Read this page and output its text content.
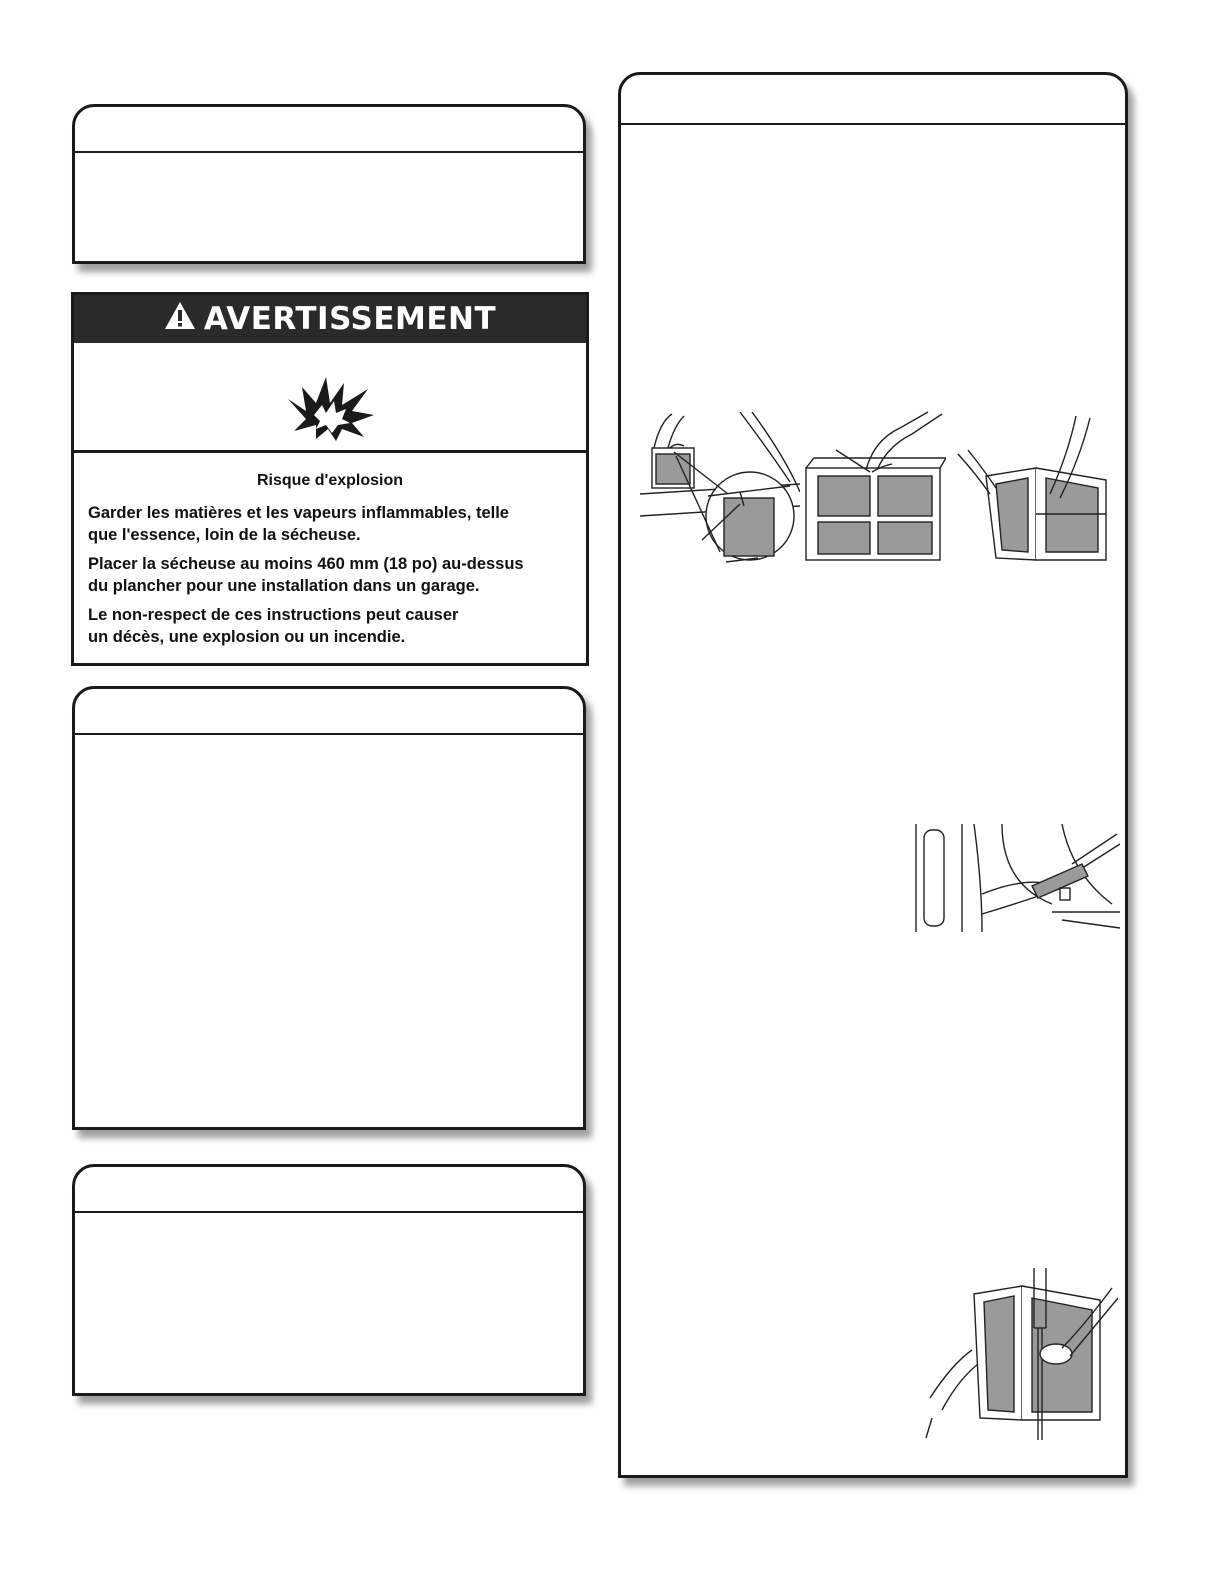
AVERTISSEMENT
Risque d'explosion
Garder les matières et les vapeurs inflammables, telle
que l'essence, loin de la sécheuse.
Placer la sécheuse au moins 460 mm (18 po) au-dessus
du plancher pour une installation dans un garage.
Le non-respect de ces instructions peut causer
un décès, une explosion ou un incendie.
